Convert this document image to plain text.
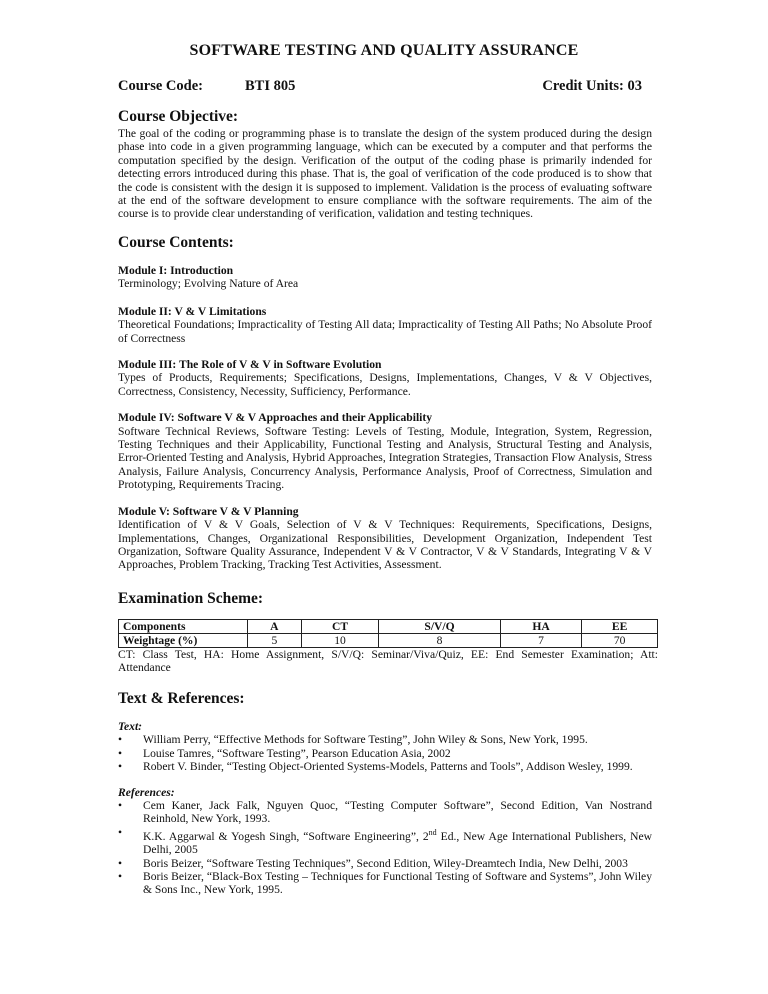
SOFTWARE TESTING AND QUALITY ASSURANCE
Course Code:	BTI 805	Credit Units: 03
Course Objective:

The goal of the coding or programming phase is to translate the design of the system produced during the design phase into code in a given programming language, which can be executed by a computer and that performs the computation specified by the design. Verification of the output of the coding phase is primarily indended for detecting errors introduced during this phase. That is, the goal of verification of the code produced is to show that the code is consistent with the design it is supposed to implement. Validation is the process of evaluating software at the end of the software development to ensure compliance with the software requirements. The aim of the course is to provide clear understanding of verification, validation and testing techniques.

Course Contents:

Module I: Introduction
Terminology; Evolving Nature of Area

Module II: V & V Limitations
Theoretical Foundations; Impracticality of Testing All data; Impracticality of Testing All Paths; No Absolute Proof of Correctness

Module III: The Role of V & V in Software Evolution
Types of Products, Requirements; Specifications, Designs, Implementations, Changes, V & V Objectives, Correctness, Consistency, Necessity, Sufficiency, Performance.

Module IV: Software V & V Approaches and their Applicability
Software Technical Reviews, Software Testing: Levels of Testing, Module, Integration, System, Regression, Testing Techniques and their Applicability, Functional Testing and Analysis, Structural Testing and Analysis, Error-Oriented Testing and Analysis, Hybrid Approaches, Integration Strategies, Transaction Flow Analysis, Stress Analysis, Failure Analysis, Concurrency Analysis, Performance Analysis, Proof of Correctness, Simulation and Prototyping, Requirements Tracing.

Module V: Software V & V Planning
Identification of V & V Goals, Selection of V & V Techniques: Requirements, Specifications, Designs, Implementations, Changes, Organizational Responsibilities, Development Organization, Independent Test Organization, Software Quality Assurance, Independent V & V Contractor, V & V Standards, Integrating V & V Approaches, Problem Tracking, Tracking Test Activities, Assessment.

Examination Scheme:
Components	A	CT	S/V/Q	HA	EE
Weightage (%)	5	10	8	7	70

CT: Class Test, HA: Home Assignment, S/V/Q: Seminar/Viva/Quiz, EE: End Semester Examination; Att: Attendance

Text & References:

Text:

• William Perry, “Effective Methods for Software Testing”, John Wiley & Sons, New York, 1995.
• Louise Tamres, “Software Testing”, Pearson Education Asia, 2002
• Robert V. Binder, “Testing Object-Oriented Systems-Models, Patterns and Tools”, Addison Wesley, 1999.

References:

• Cem Kaner, Jack Falk, Nguyen Quoc, “Testing Computer Software”, Second Edition, Van Nostrand Reinhold, New York, 1993.
• K.K. Aggarwal & Yogesh Singh, “Software Engineering”, 2nd Ed., New Age International Publishers, New Delhi, 2005
• Boris Beizer, “Software Testing Techniques”, Second Edition, Wiley-Dreamtech India, New Delhi, 2003
• Boris Beizer, “Black-Box Testing – Techniques for Functional Testing of Software and Systems”, John Wiley & Sons Inc., New York, 1995.
